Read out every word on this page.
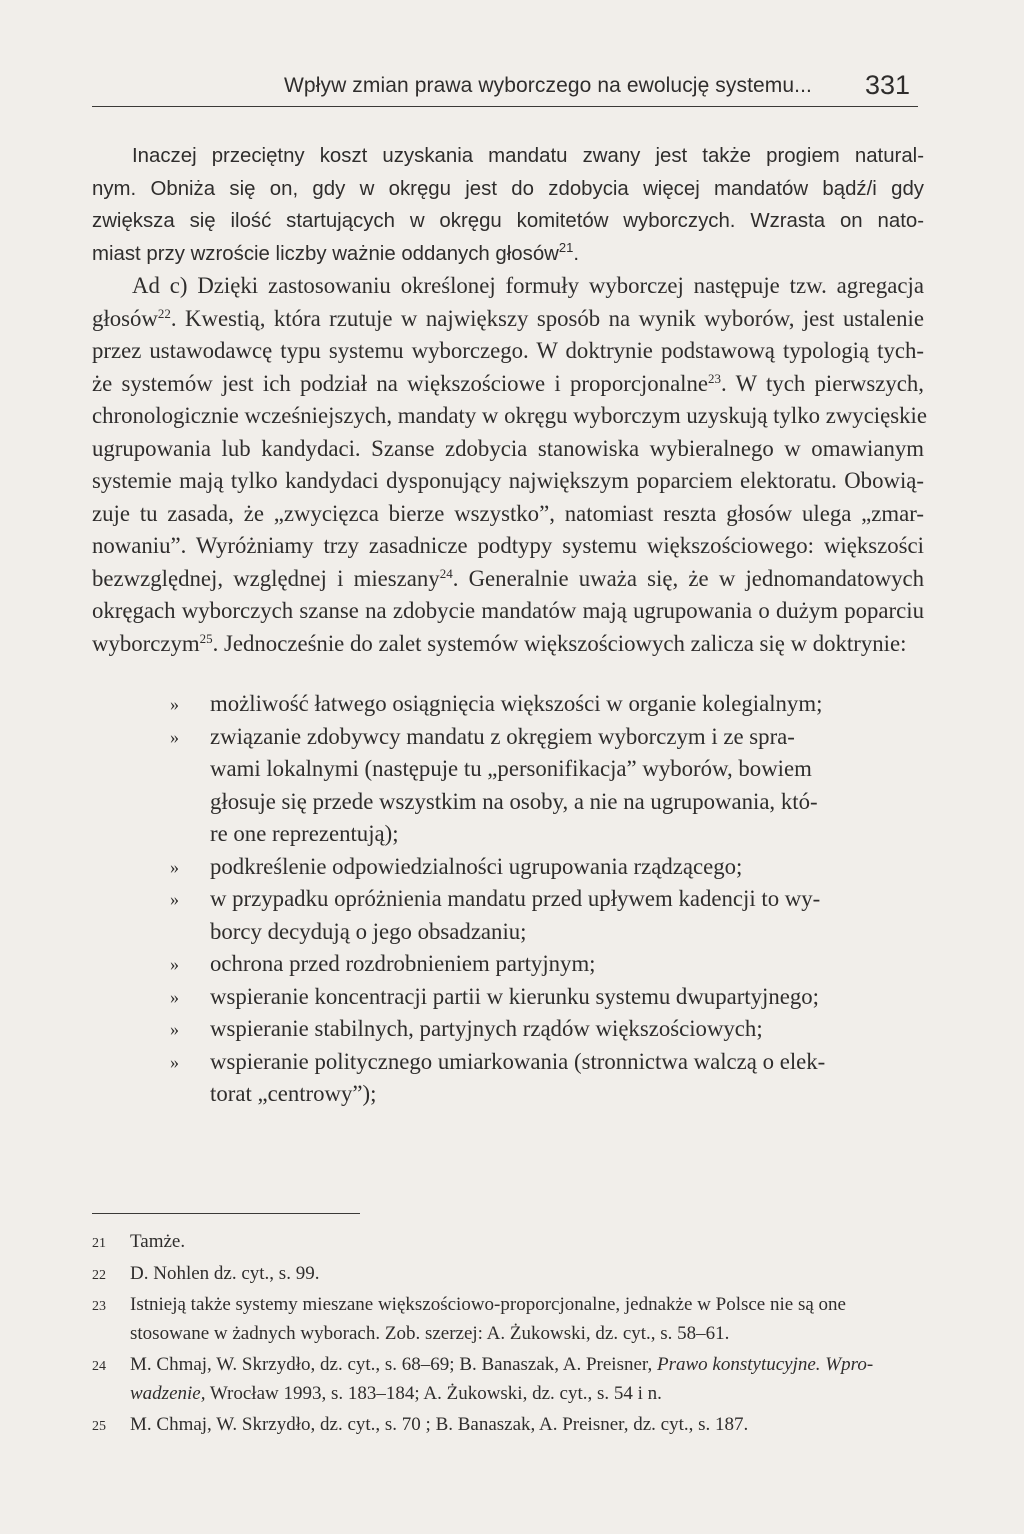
Wpływ zmian prawa wyborczego na ewolucję systemu... 331

Inaczej przeciętny koszt uzyskania mandatu zwany jest także progiem natural-
nym. Obniża się on, gdy w okręgu jest do zdobycia więcej mandatów bądź/i gdy
zwiększa się ilość startujących w okręgu komitetów wyborczych. Wzrasta on nato-
miast przy wzroście liczby ważnie oddanych głosów$^{21}$.

Ad c) Dzięki zastosowaniu określonej formuły wyborczej następuje tzw. agregacja
głosów$^{22}$. Kwestią, która rzutuje w największy sposób na wynik wyborów, jest ustalenie
przez ustawodawcę typu systemu wyborczego. W doktrynie podstawową typologią tych-
że systemów jest ich podział na większościowe i proporcjonalne$^{23}$. W tych pierwszych,
chronologicznie wcześniejszych, mandaty w okręgu wyborczym uzyskują tylko zwycięskie
ugrupowania lub kandydaci. Szanse zdobycia stanowiska wybieralnego w omawianym
systemie mają tylko kandydaci dysponujący największym poparciem elektoratu. Obowią-
zuje tu zasada, że „zwycięzca bierze wszystko”, natomiast reszta głosów ulega „zmar-
nowaniu”. Wyróżniamy trzy zasadnicze podtypy systemu większościowego: większości
bezwzględnej, względnej i mieszany$^{24}$. Generalnie uważa się, że w jednomandatowych
okręgach wyborczych szanse na zdobycie mandatów mają ugrupowania o dużym poparciu
wyborczym$^{25}$. Jednocześnie do zalet systemów większościowych zalicza się w doktrynie:

» możliwość łatwego osiągnięcia większości w organie kolegialnym;
» związanie zdobywcy mandatu z okręgiem wyborczym i ze spra-
wami lokalnymi (następuje tu „personifikacja” wyborów, bowiem
głosuje się przede wszystkim na osoby, a nie na ugrupowania, któ-
re one reprezentują);
» podkreślenie odpowiedzialności ugrupowania rządzącego;
» w przypadku opróżnienia mandatu przed upływem kadencji to wy-
borcy decydują o jego obsadzaniu;
» ochrona przed rozdrobnieniem partyjnym;
» wspieranie koncentracji partii w kierunku systemu dwupartyjnego;
» wspieranie stabilnych, partyjnych rządów większościowych;
» wspieranie politycznego umiarkowania (stronnictwa walczą o elek-
torat „centrowy”);
21 Tamże.
22 D. Nohlen dz. cyt., s. 99.
23 Istnieją także systemy mieszane większościowo-proporcjonalne, jednakże w Polsce nie są one
stosowane w żadnych wyborach. Zob. szerzej: A. Żukowski, dz. cyt., s. 58–61.
24 M. Chmaj, W. Skrzydło, dz. cyt., s. 68–69; B. Banaszak, A. Preisner, Prawo konstytucyjne. Wpro-
wadzenie, Wrocław 1993, s. 183–184; A. Żukowski, dz. cyt., s. 54 i n.
25 M. Chmaj, W. Skrzydło, dz. cyt., s. 70 ; B. Banaszak, A. Preisner, dz. cyt., s. 187.
